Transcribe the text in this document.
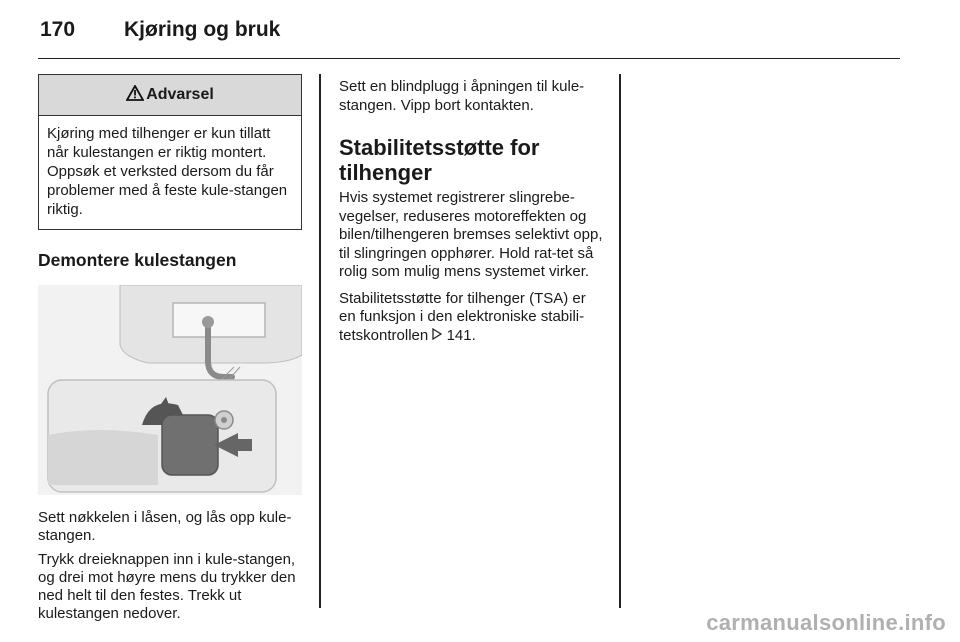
170 Kjøring og bruk
Advarsel
Kjøring med tilhenger er kun tillatt når kulestangen er riktig montert. Oppsøk et verksted dersom du får problemer med å feste kule-stangen riktig.
Demontere kulestangen

Sett nøkkelen i låsen, og lås opp kule-stangen.

Trykk dreieknappen inn i kule-stangen, og drei mot høyre mens du trykker den ned helt til den festes. Trekk ut kulestangen nedover.

Sett en blindplugg i åpningen til kule-stangen. Vipp bort kontakten.

Stabilitetsstøtte for tilhenger

Hvis systemet registrerer slingrebe-vegelser, reduseres motoreffekten og bilen/tilhengeren bremses selektivt opp, til slingringen opphører. Hold rat-tet så rolig som mulig mens systemet virker.

Stabilitetsstøtte for tilhenger (TSA) er en funksjon i den elektroniske stabili-tetskontrollen 141.

carmanualsonline.info
